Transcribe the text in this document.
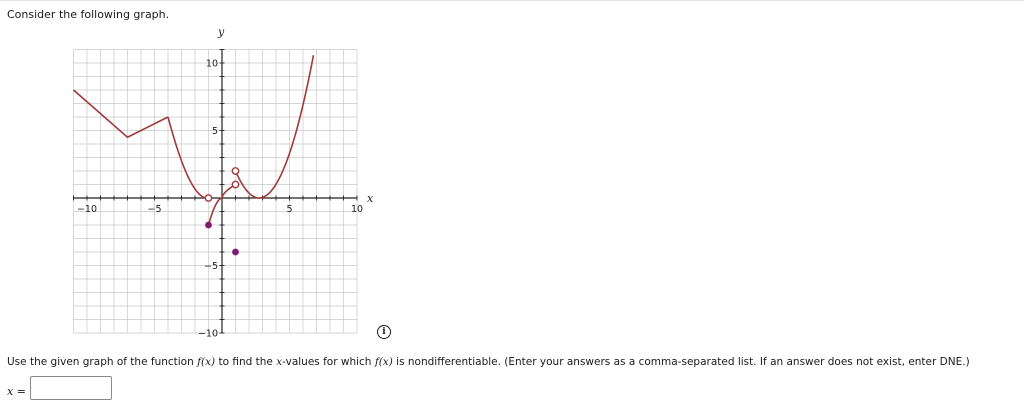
Consider the following graph.
x
y
−10	−5	5	10
10
5
−5
−10	i
Use the given graph of the function f(x) to find the x-values for which f(x) is nondifferentiable. (Enter your answers as a comma-separated list. If an answer does not exist, enter DNE.)
x =
